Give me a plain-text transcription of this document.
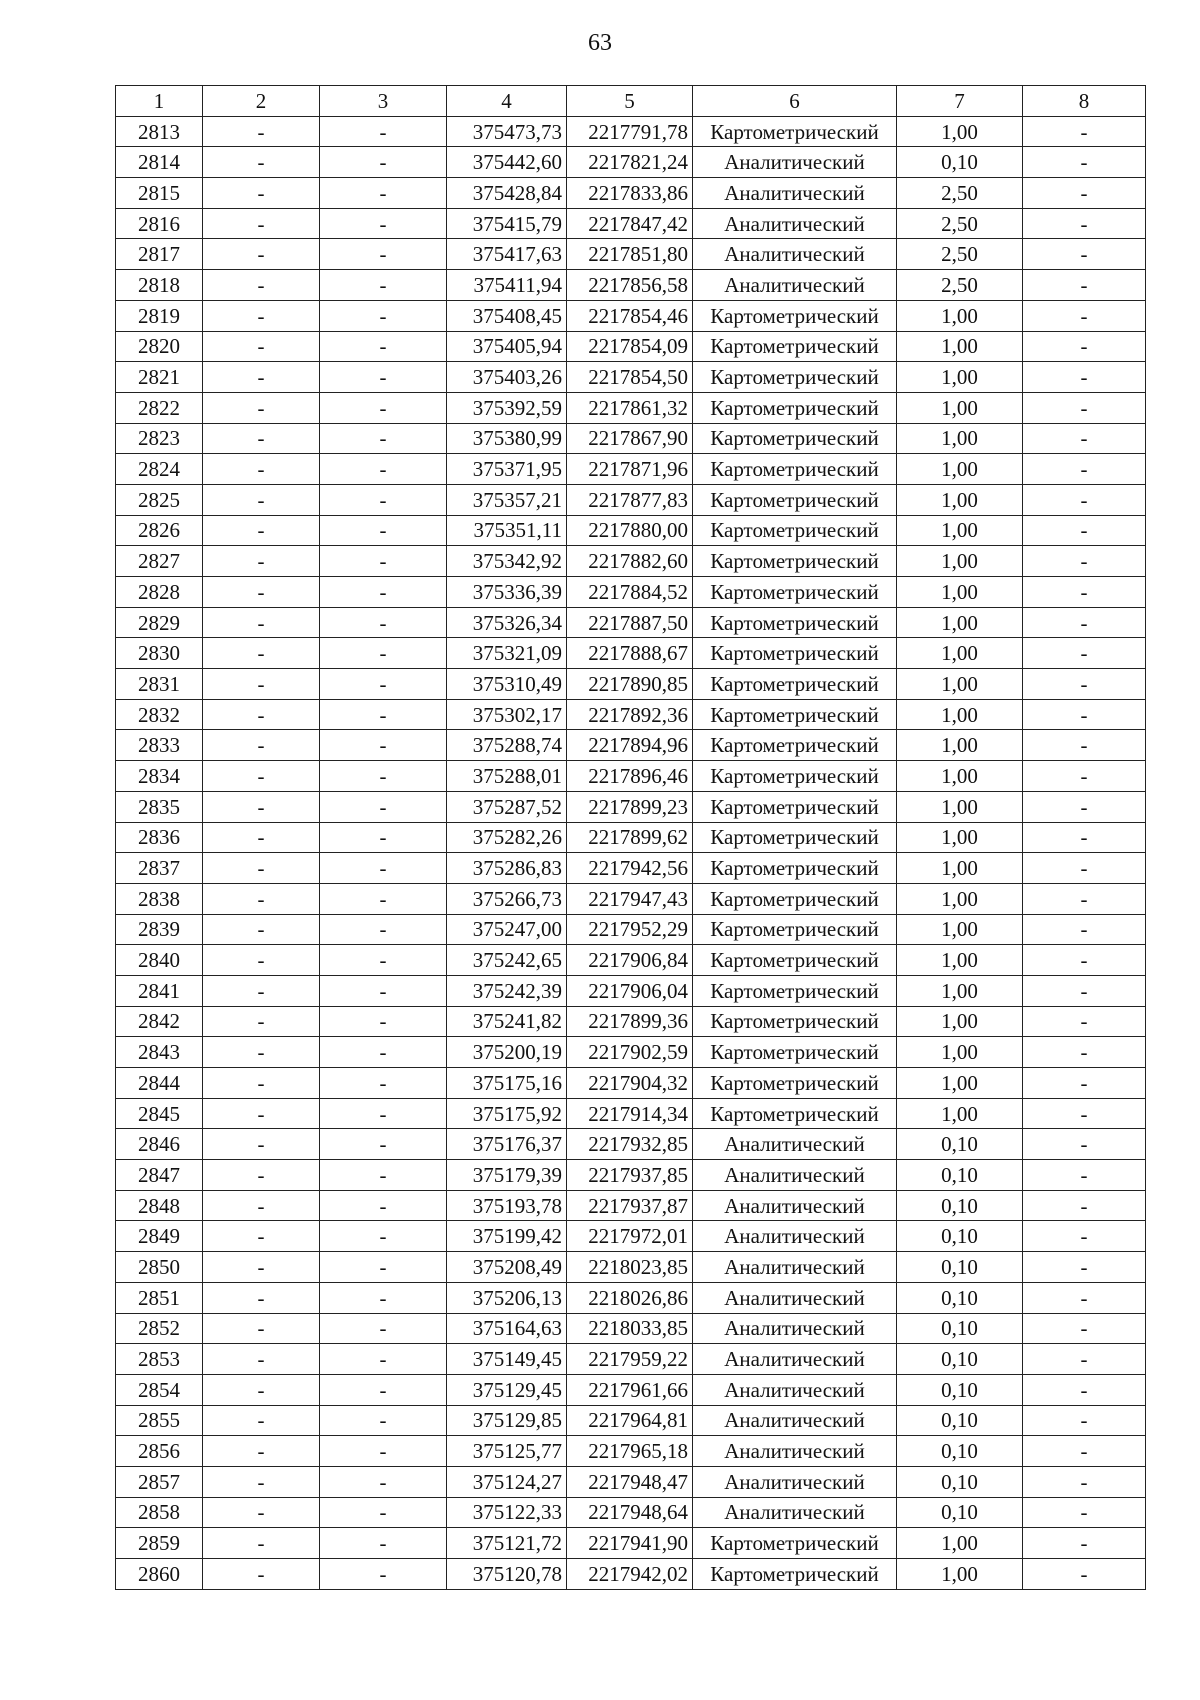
63
1	2	3	4	5	6	7	8
2813	-	-	375473,73	2217791,78	Картометрический	1,00	-
2814	-	-	375442,60	2217821,24	Аналитический	0,10	-
2815	-	-	375428,84	2217833,86	Аналитический	2,50	-
2816	-	-	375415,79	2217847,42	Аналитический	2,50	-
2817	-	-	375417,63	2217851,80	Аналитический	2,50	-
2818	-	-	375411,94	2217856,58	Аналитический	2,50	-
2819	-	-	375408,45	2217854,46	Картометрический	1,00	-
2820	-	-	375405,94	2217854,09	Картометрический	1,00	-
2821	-	-	375403,26	2217854,50	Картометрический	1,00	-
2822	-	-	375392,59	2217861,32	Картометрический	1,00	-
2823	-	-	375380,99	2217867,90	Картометрический	1,00	-
2824	-	-	375371,95	2217871,96	Картометрический	1,00	-
2825	-	-	375357,21	2217877,83	Картометрический	1,00	-
2826	-	-	375351,11	2217880,00	Картометрический	1,00	-
2827	-	-	375342,92	2217882,60	Картометрический	1,00	-
2828	-	-	375336,39	2217884,52	Картометрический	1,00	-
2829	-	-	375326,34	2217887,50	Картометрический	1,00	-
2830	-	-	375321,09	2217888,67	Картометрический	1,00	-
2831	-	-	375310,49	2217890,85	Картометрический	1,00	-
2832	-	-	375302,17	2217892,36	Картометрический	1,00	-
2833	-	-	375288,74	2217894,96	Картометрический	1,00	-
2834	-	-	375288,01	2217896,46	Картометрический	1,00	-
2835	-	-	375287,52	2217899,23	Картометрический	1,00	-
2836	-	-	375282,26	2217899,62	Картометрический	1,00	-
2837	-	-	375286,83	2217942,56	Картометрический	1,00	-
2838	-	-	375266,73	2217947,43	Картометрический	1,00	-
2839	-	-	375247,00	2217952,29	Картометрический	1,00	-
2840	-	-	375242,65	2217906,84	Картометрический	1,00	-
2841	-	-	375242,39	2217906,04	Картометрический	1,00	-
2842	-	-	375241,82	2217899,36	Картометрический	1,00	-
2843	-	-	375200,19	2217902,59	Картометрический	1,00	-
2844	-	-	375175,16	2217904,32	Картометрический	1,00	-
2845	-	-	375175,92	2217914,34	Картометрический	1,00	-
2846	-	-	375176,37	2217932,85	Аналитический	0,10	-
2847	-	-	375179,39	2217937,85	Аналитический	0,10	-
2848	-	-	375193,78	2217937,87	Аналитический	0,10	-
2849	-	-	375199,42	2217972,01	Аналитический	0,10	-
2850	-	-	375208,49	2218023,85	Аналитический	0,10	-
2851	-	-	375206,13	2218026,86	Аналитический	0,10	-
2852	-	-	375164,63	2218033,85	Аналитический	0,10	-
2853	-	-	375149,45	2217959,22	Аналитический	0,10	-
2854	-	-	375129,45	2217961,66	Аналитический	0,10	-
2855	-	-	375129,85	2217964,81	Аналитический	0,10	-
2856	-	-	375125,77	2217965,18	Аналитический	0,10	-
2857	-	-	375124,27	2217948,47	Аналитический	0,10	-
2858	-	-	375122,33	2217948,64	Аналитический	0,10	-
2859	-	-	375121,72	2217941,90	Картометрический	1,00	-
2860	-	-	375120,78	2217942,02	Картометрический	1,00	-
